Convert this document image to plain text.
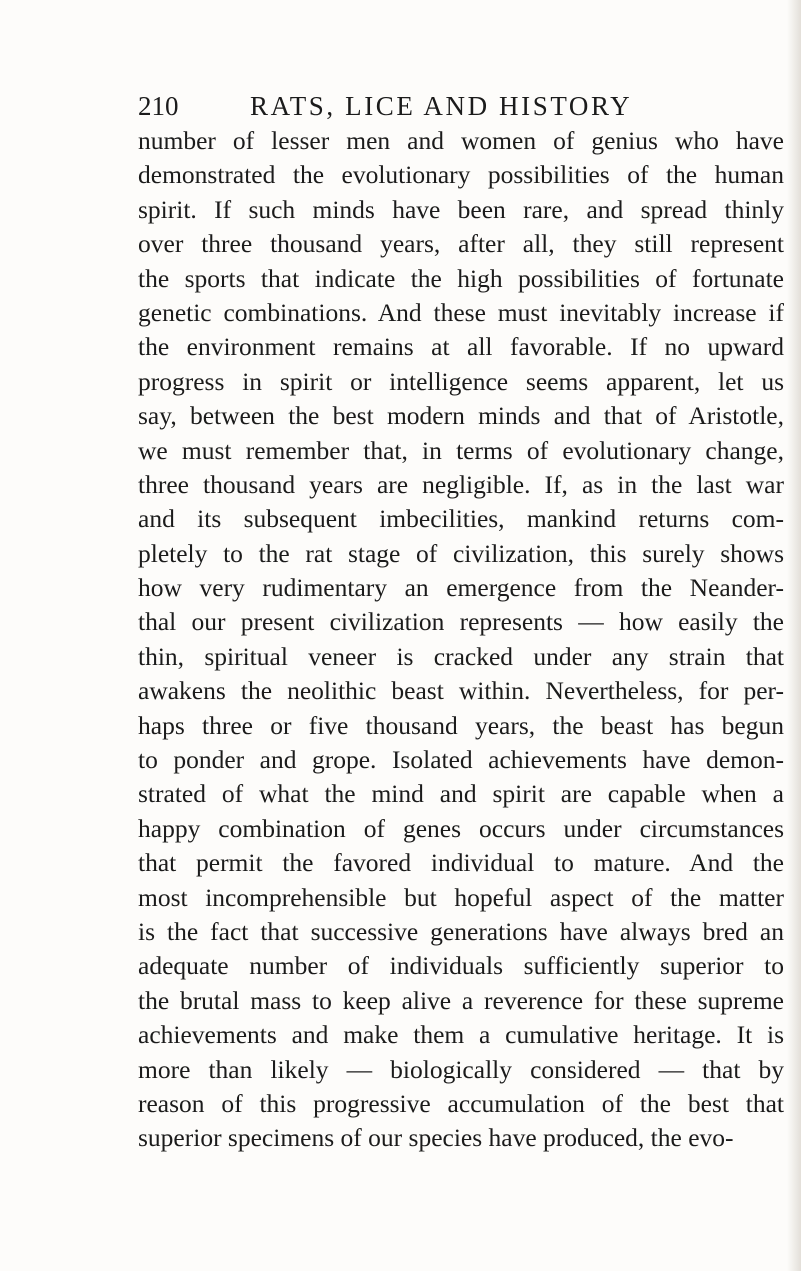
210	RATS, LICE AND HISTORY
number of lesser men and women of genius who have
demonstrated the evolutionary possibilities of the human
spirit. If such minds have been rare, and spread thinly
over three thousand years, after all, they still represent
the sports that indicate the high possibilities of fortunate
genetic combinations. And these must inevitably increase if
the environment remains at all favorable. If no upward
progress in spirit or intelligence seems apparent, let us
say, between the best modern minds and that of Aristotle,
we must remember that, in terms of evolutionary change,
three thousand years are negligible. If, as in the last war
and its subsequent imbecilities, mankind returns com-
pletely to the rat stage of civilization, this surely shows
how very rudimentary an emergence from the Neander-
thal our present civilization represents — how easily the
thin, spiritual veneer is cracked under any strain that
awakens the neolithic beast within. Nevertheless, for per-
haps three or five thousand years, the beast has begun
to ponder and grope. Isolated achievements have demon-
strated of what the mind and spirit are capable when a
happy combination of genes occurs under circumstances
that permit the favored individual to mature. And the
most incomprehensible but hopeful aspect of the matter
is the fact that successive generations have always bred an
adequate number of individuals sufficiently superior to
the brutal mass to keep alive a reverence for these supreme
achievements and make them a cumulative heritage. It is
more than likely — biologically considered — that by
reason of this progressive accumulation of the best that
superior specimens of our species have produced, the evo-
